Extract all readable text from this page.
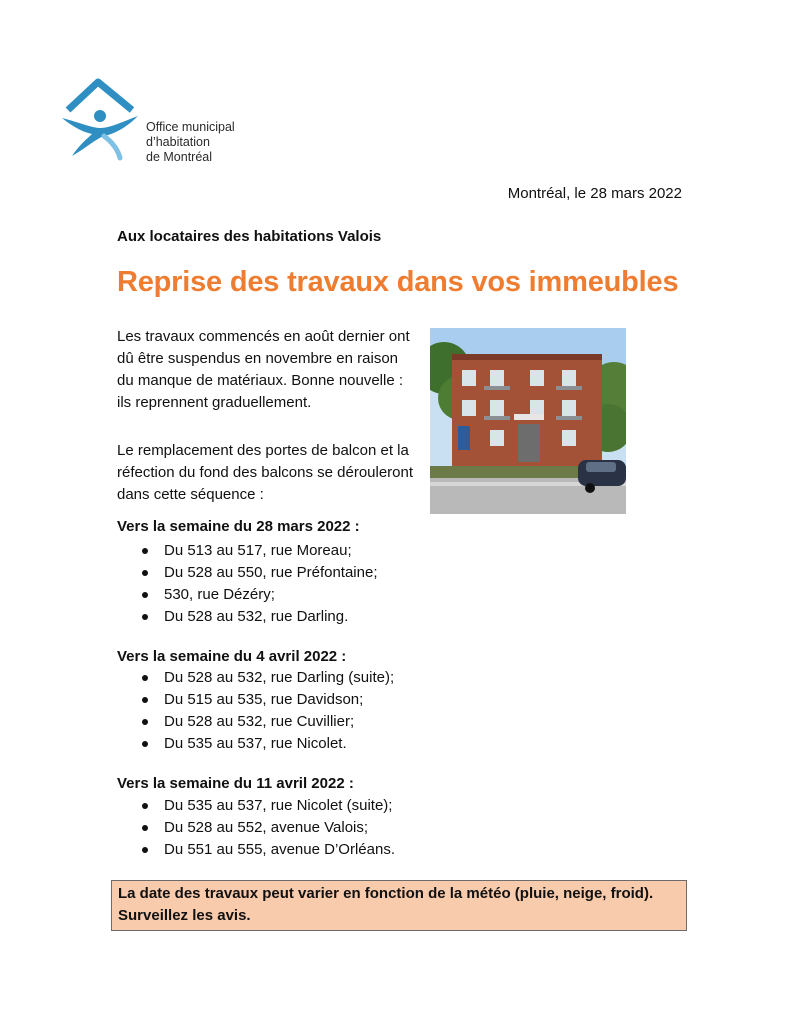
Office municipal
d’habitation
de Montréal
Montréal, le 28 mars 2022
Aux locataires des habitations Valois
Reprise des travaux dans vos immeubles
Les travaux commencés en août dernier ont dû être suspendus en novembre en raison du manque de matériaux. Bonne nouvelle : ils reprennent graduellement.
Le remplacement des portes de balcon et la réfection du fond des balcons se dérouleront dans cette séquence :
Vers la semaine du 28 mars 2022 :
Du 513 au 517, rue Moreau;
Du 528 au 550, rue Préfontaine;
530, rue Dézéry;
Du 528 au 532, rue Darling.
Vers la semaine du 4 avril 2022 :
Du 528 au 532, rue Darling (suite);
Du 515 au 535, rue Davidson;
Du 528 au 532, rue Cuvillier;
Du 535 au 537, rue Nicolet.
Vers la semaine du 11 avril 2022 :
Du 535 au 537, rue Nicolet (suite);
Du 528 au 552, avenue Valois;
Du 551 au 555, avenue D’Orléans.
La date des travaux peut varier en fonction de la météo (pluie, neige, froid). Surveillez les avis.
